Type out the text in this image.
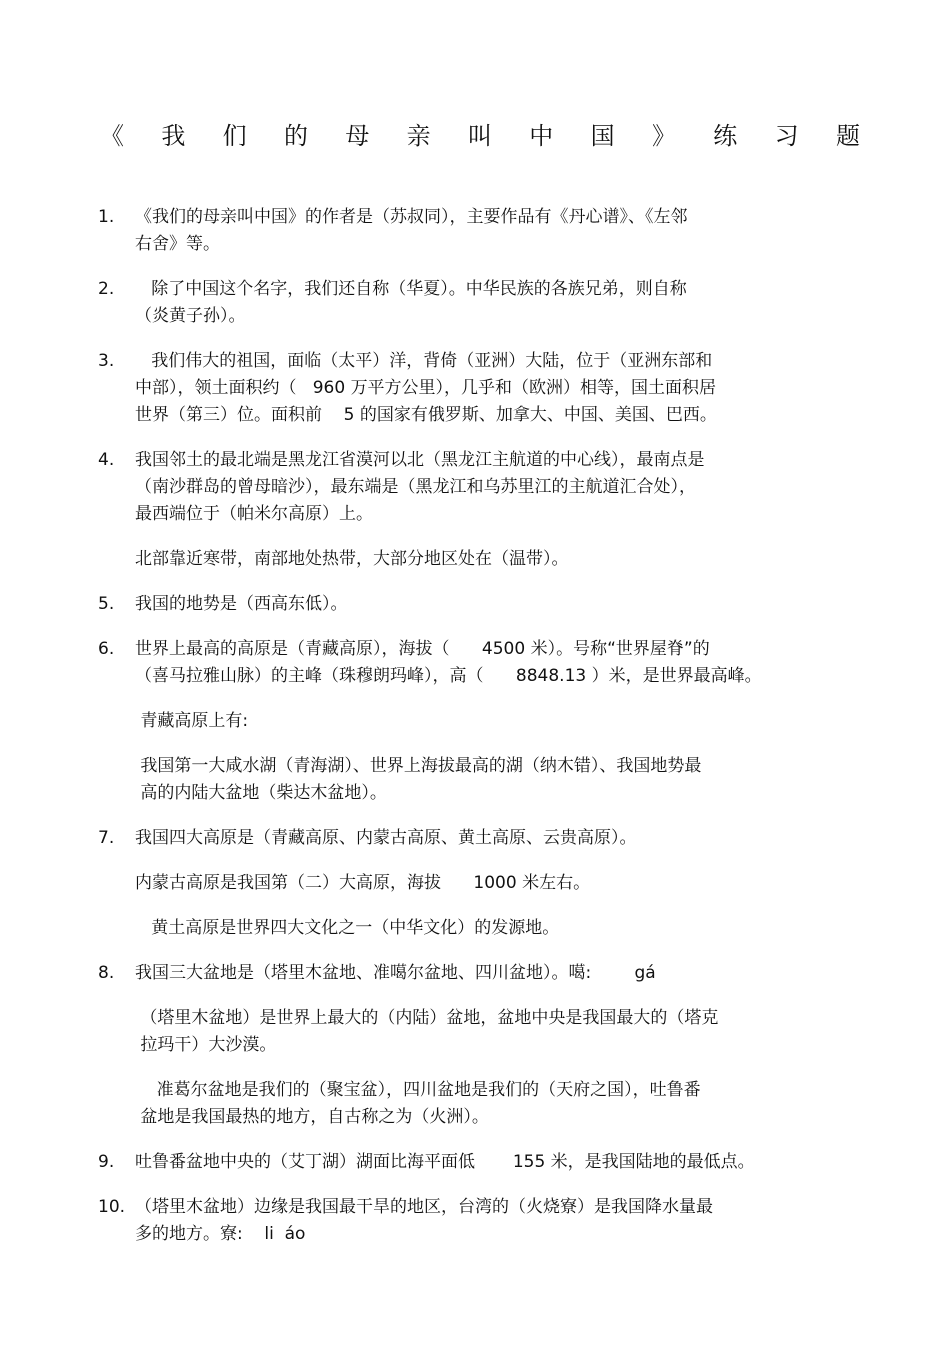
《 我 们 的 母 亲 叫 中 国 》 练 习 题
1.	《我们的母亲叫中国》的作者是（苏叔同），主要作品有《丹心谱》、《左邻
右舍》等。
2.	除了中国这个名字，我们还自称（华夏）。中华民族的各族兄弟，则自称
（炎黄子孙）。
3.	我们伟大的祖国，面临（太平）洋，背倚（亚洲）大陆，位于（亚洲东部和
中部），领土面积约（   960 万平方公里），几乎和（欧洲）相等，国土面积居
世界（第三）位。面积前    5 的国家有俄罗斯、加拿大、中国、美国、巴西。
4.	我国邻土的最北端是黑龙江省漠河以北（黑龙江主航道的中心线），最南点是
（南沙群岛的曾母暗沙），最东端是（黑龙江和乌苏里江的主航道汇合处），
最西端位于（帕米尔高原）上。
北部靠近寒带，南部地处热带，大部分地区处在（温带）。
5.	我国的地势是（西高东低）。
6.	世界上最高的高原是（青藏高原），海拔（      4500 米）。号称“世界屋脊”的
（喜马拉雅山脉）的主峰（珠穆朗玛峰），高（      8848.13 ）米，是世界最高峰。
青藏高原上有:
我国第一大咸水湖（青海湖）、世界上海拔最高的湖（纳木错）、我国地势最
高的内陆大盆地（柴达木盆地）。
7.	我国四大高原是（青藏高原、内蒙古高原、黄土高原、云贵高原）。
内蒙古高原是我国第（二）大高原，海拔      1000 米左右。
黄土高原是世界四大文化之一（中华文化）的发源地。
8.	我国三大盆地是（塔里木盆地、准噶尔盆地、四川盆地）。噶:        gá
（塔里木盆地）是世界上最大的（内陆）盆地，盆地中央是我国最大的（塔克
拉玛干）大沙漠。
准葛尔盆地是我们的（聚宝盆），四川盆地是我们的（天府之国），吐鲁番
盆地是我国最热的地方，自古称之为（火洲）。
9.	吐鲁番盆地中央的（艾丁湖）湖面比海平面低       155 米，是我国陆地的最低点。
10. （塔里木盆地）边缘是我国最干旱的地区，台湾的（火烧寮）是我国降水量最
多的地方。寮:    li  áo
